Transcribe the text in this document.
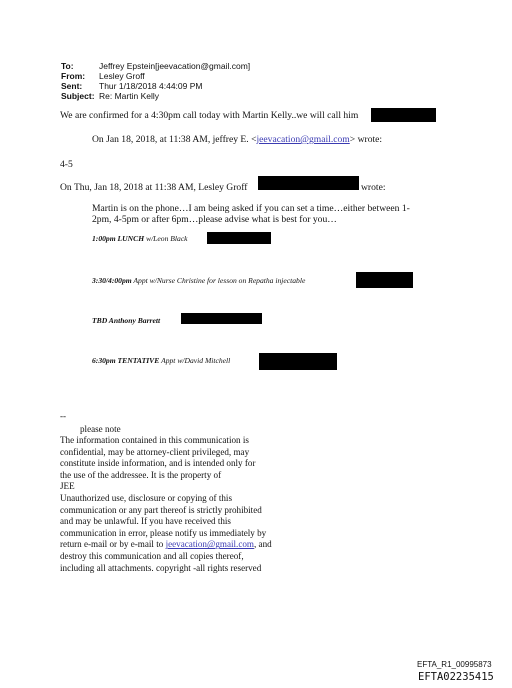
To:	Jeffrey Epstein[jeevacation@gmail.com]
From: Lesley Groff
Sent: Thur 1/18/2018 4:44:09 PM
Subject: Re: Martin Kelly
We are confirmed for a 4:30pm call today with Martin Kelly..we will call him
On Jan 18, 2018, at 11:38 AM, jeffrey E. <jeevacation@gmail.com> wrote:
4-5
On Thu, Jan 18, 2018 at 11:38 AM, Lesley Groff	wrote:
Martin is on the phone…I am being asked if you can set a time…either between 1-2pm, 4-5pm or after 6pm…please advise what is best for you…
1:00pm LUNCH w/Leon Black
3:30/4:00pm Appt w/Nurse Christine for lesson on Repatha injectable
TBD Anthony Barrett
6:30pm TENTATIVE Appt w/David Mitchell
--
please note
The information contained in this communication is
confidential, may be attorney-client privileged, may
constitute inside information, and is intended only for
the use of the addressee. It is the property of
JEE
Unauthorized use, disclosure or copying of this
communication or any part thereof is strictly prohibited
and may be unlawful. If you have received this
communication in error, please notify us immediately by
return e-mail or by e-mail to jeevacation@gmail.com, and
destroy this communication and all copies thereof,
including all attachments. copyright -all rights reserved
EFTA_R1_00995873
EFTA02235415
